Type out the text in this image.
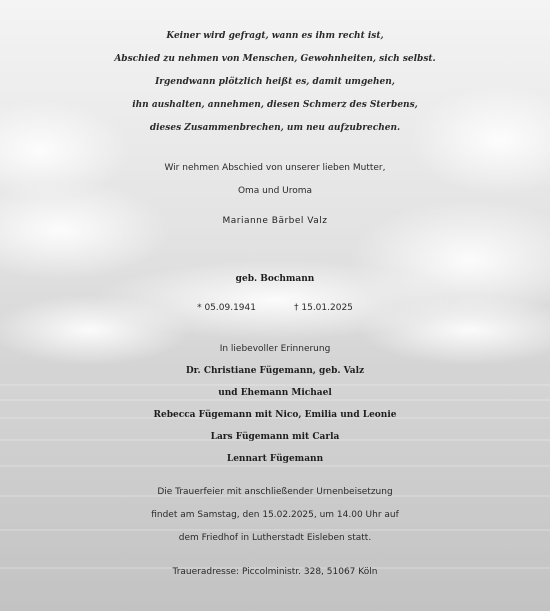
Keiner wird gefragt, wann es ihm recht ist,
Abschied zu nehmen von Menschen, Gewohnheiten, sich selbst.
Irgendwann plötzlich heißt es, damit umgehen,
ihn aushalten, annehmen, diesen Schmerz des Sterbens,
dieses Zusammenbrechen, um neu aufzubrechen.
Wir nehmen Abschied von unserer lieben Mutter,
Oma und Uroma
Marianne Bärbel Valz
geb. Bochmann
* 05.09.1941	† 15.01.2025
In liebevoller Erinnerung
Dr. Christiane Fügemann, geb. Valz
und Ehemann Michael
Rebecca Fügemann mit Nico, Emilia und Leonie
Lars Fügemann mit Carla
Lennart Fügemann
Die Trauerfeier mit anschließender Urnenbeisetzung
findet am Samstag, den 15.02.2025, um 14.00 Uhr auf
dem Friedhof in Lutherstadt Eisleben statt.
Traueradresse: Piccolministr. 328, 51067 Köln
